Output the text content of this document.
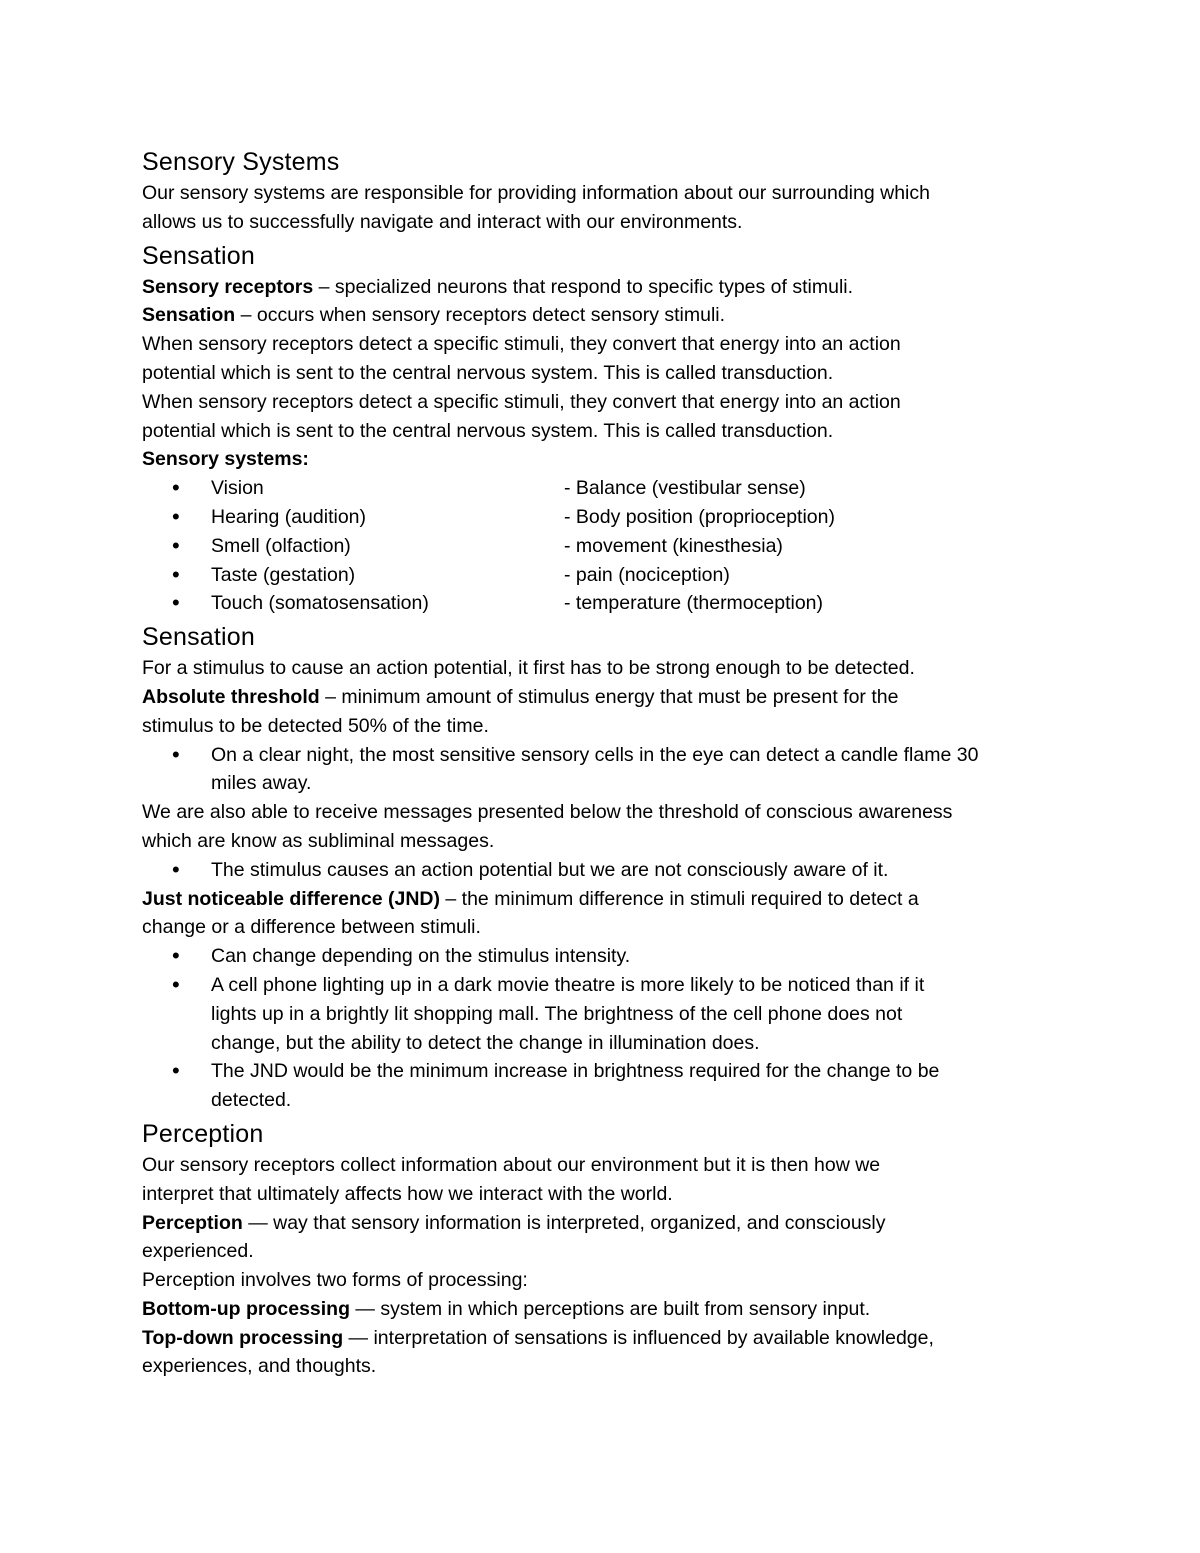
Sensory Systems

Our sensory systems are responsible for providing information about our surrounding which

allows us to successfully navigate and interact with our environments.

Sensation

Sensory receptors – specialized neurons that respond to specific types of stimuli.

Sensation – occurs when sensory receptors detect sensory stimuli.

When sensory receptors detect a specific stimuli, they convert that energy into an action

potential which is sent to the central nervous system. This is called transduction.

When sensory receptors detect a specific stimuli, they convert that energy into an action

potential which is sent to the central nervous system. This is called transduction.

Sensory systems:

• Vision	- Balance (vestibular sense)
• Hearing (audition)	- Body position (proprioception)
• Smell (olfaction)	- movement (kinesthesia)
• Taste (gestation)	- pain (nociception)
• Touch (somatosensation)	- temperature (thermoception)
Sensation

For a stimulus to cause an action potential, it first has to be strong enough to be detected.

Absolute threshold – minimum amount of stimulus energy that must be present for the

stimulus to be detected 50% of the time.

• On a clear night, the most sensitive sensory cells in the eye can detect a candle flame 30
miles away.

We are also able to receive messages presented below the threshold of conscious awareness

which are know as subliminal messages.

• The stimulus causes an action potential but we are not consciously aware of it.

Just noticeable difference (JND) – the minimum difference in stimuli required to detect a

change or a difference between stimuli.

• Can change depending on the stimulus intensity.
• A cell phone lighting up in a dark movie theatre is more likely to be noticed than if it
lights up in a brightly lit shopping mall. The brightness of the cell phone does not
change, but the ability to detect the change in illumination does.
• The JND would be the minimum increase in brightness required for the change to be
detected.
Perception

Our sensory receptors collect information about our environment but it is then how we

interpret that ultimately affects how we interact with the world.

Perception — way that sensory information is interpreted, organized, and consciously

experienced.

Perception involves two forms of processing:

Bottom-up processing — system in which perceptions are built from sensory input.

Top-down processing — interpretation of sensations is influenced by available knowledge,

experiences, and thoughts.
